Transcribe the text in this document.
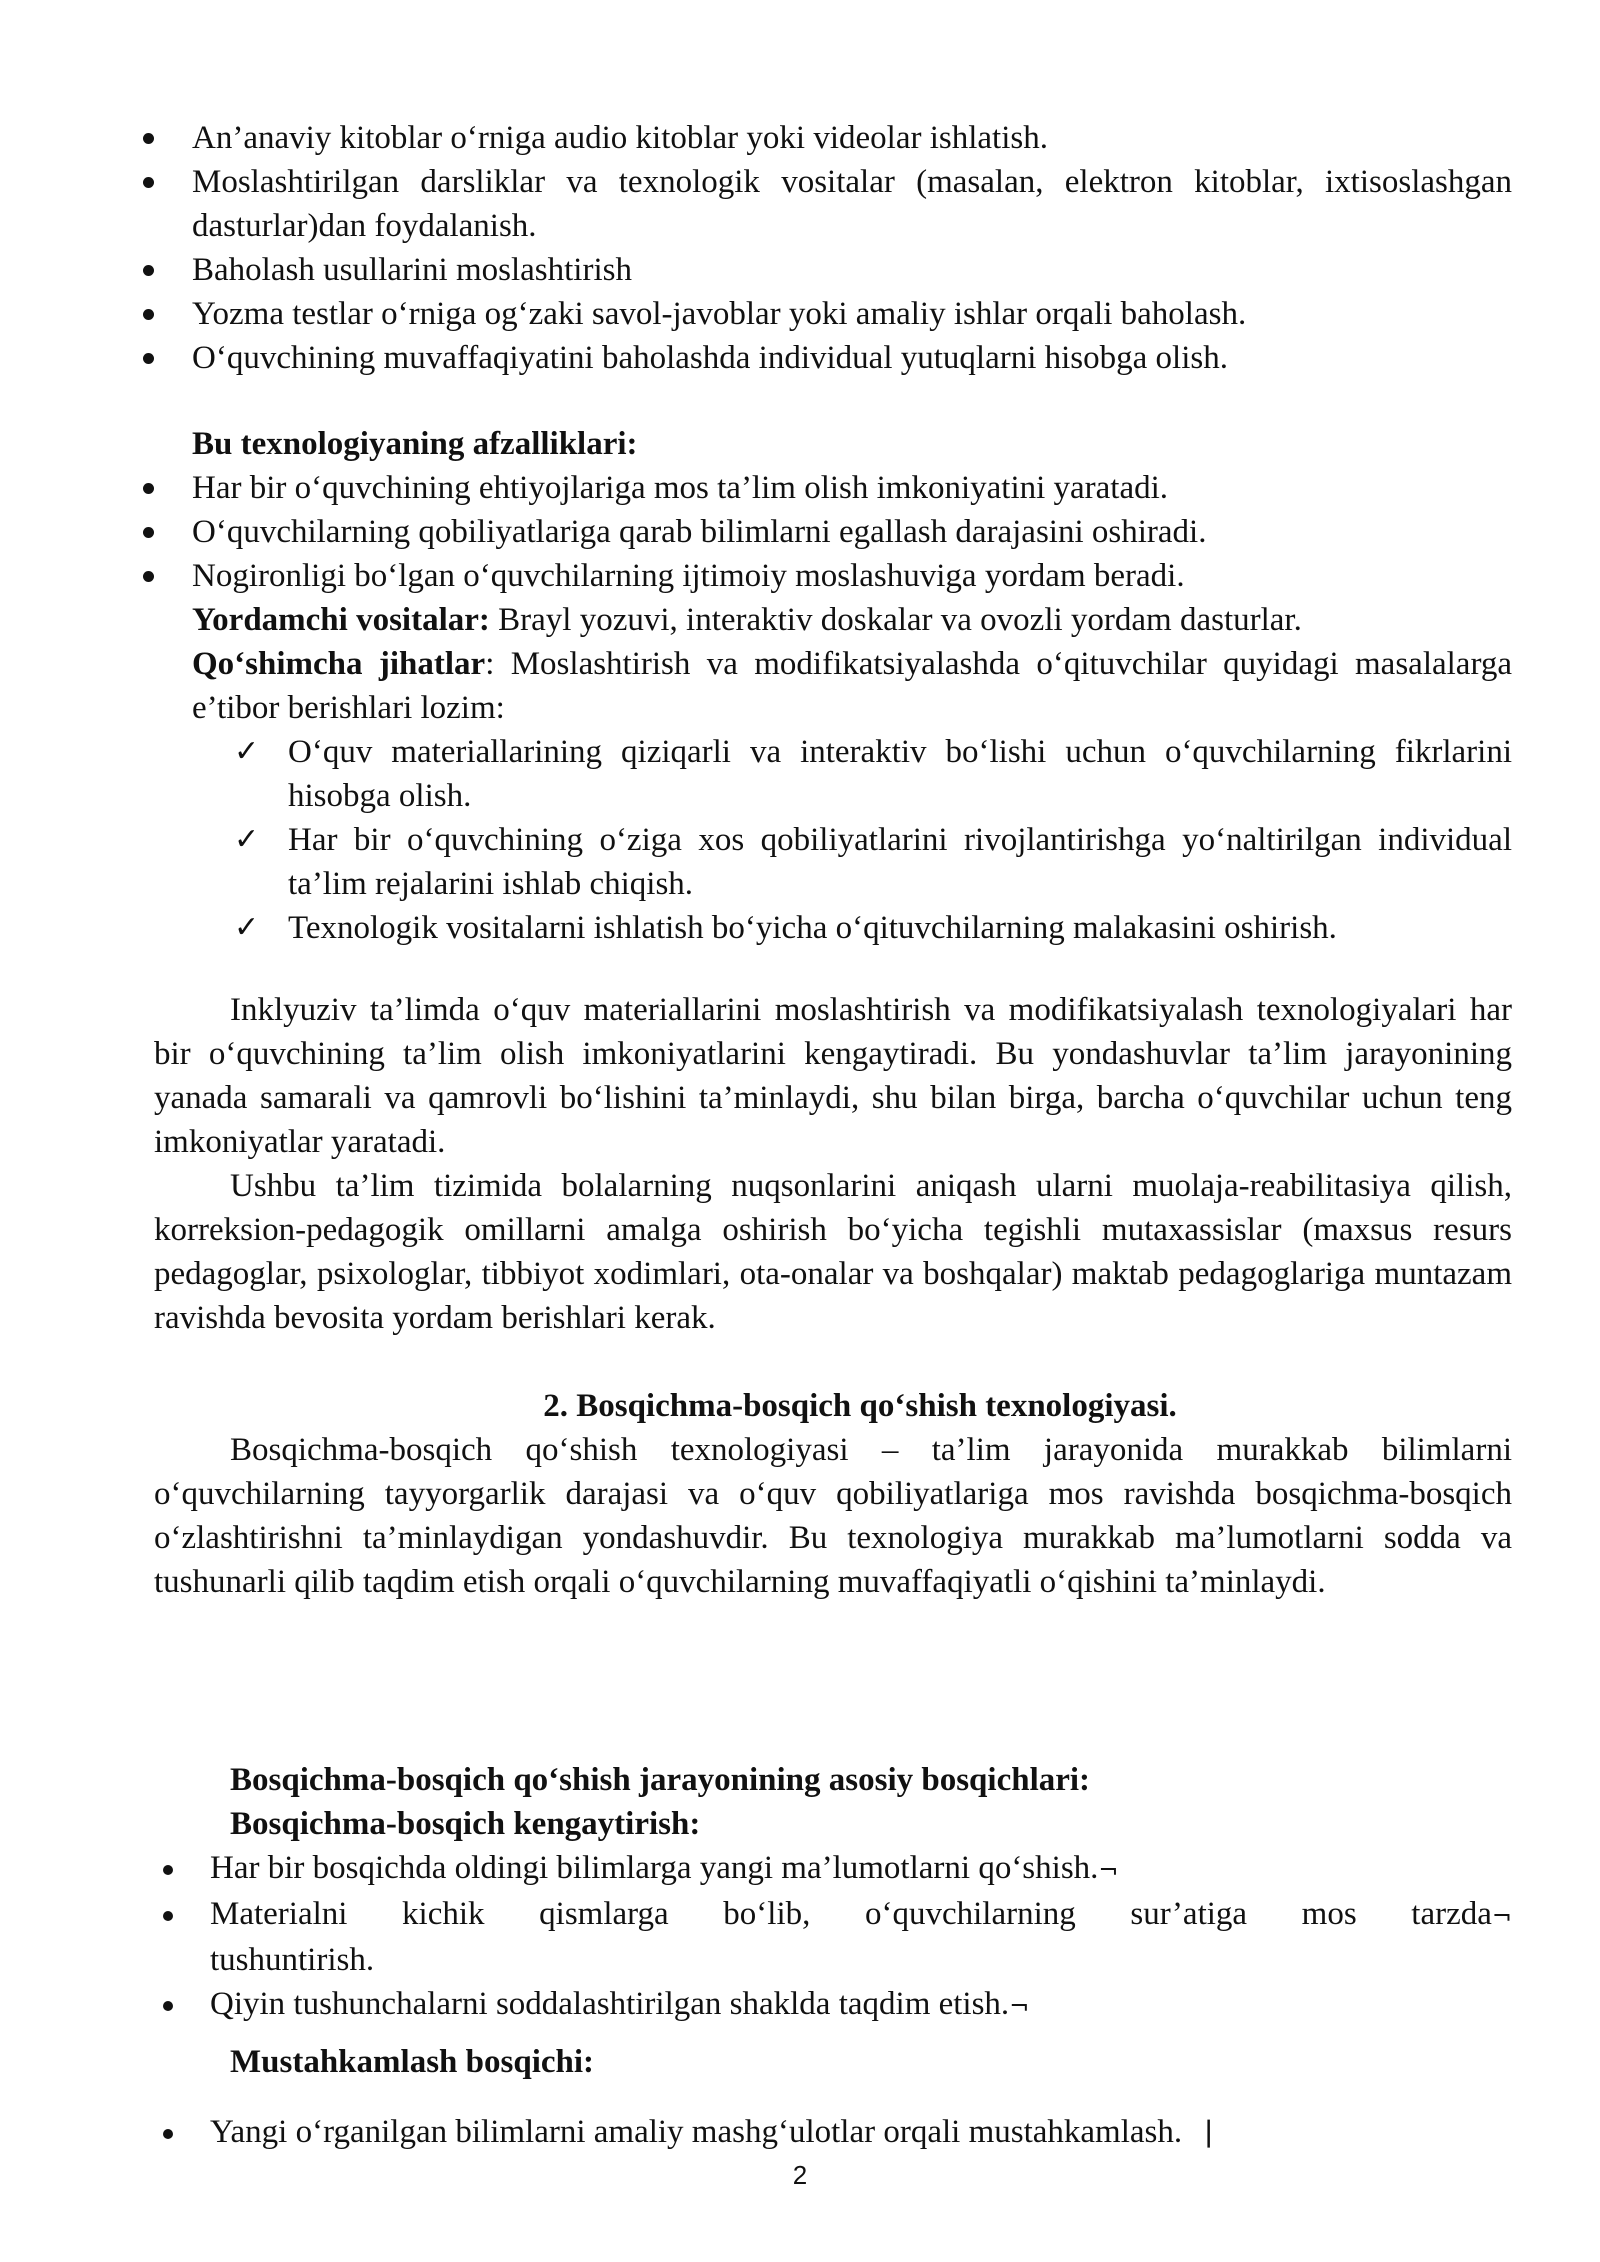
An’anaviy kitoblar o‘rniga audio kitoblar yoki videolar ishlatish.
Moslashtirilgan darsliklar va texnologik vositalar (masalan, elektron kitoblar, ixtisoslashgan dasturlar)dan foydalanish.
Baholash usullarini moslashtirish
Yozma testlar o‘rniga og‘zaki savol-javoblar yoki amaliy ishlar orqali baholash.
O‘quvchining muvaffaqiyatini baholashda individual yutuqlarni hisobga olish.
Bu texnologiyaning afzalliklari:
Har bir o‘quvchining ehtiyojlariga mos ta’lim olish imkoniyatini yaratadi.
O‘quvchilarning qobiliyatlariga qarab bilimlarni egallash darajasini oshiradi.
Nogironligi bo‘lgan o‘quvchilarning ijtimoiy moslashuviga yordam beradi.
Yordamchi vositalar: Brayl yozuvi, interaktiv doskalar va ovozli yordam dasturlar.
Qo‘shimcha jihatlar: Moslashtirish va modifikatsiyalashda o‘qituvchilar quyidagi masalalarga e’tibor berishlari lozim:
✓ O‘quv materiallarining qiziqarli va interaktiv bo‘lishi uchun o‘quvchilarning fikrlarini hisobga olish.
✓ Har bir o‘quvchining o‘ziga xos qobiliyatlarini rivojlantirishga yo‘naltirilgan individual ta’lim rejalarini ishlab chiqish.
✓ Texnologik vositalarni ishlatish bo‘yicha o‘qituvchilarning malakasini oshirish.
Inklyuziv ta’limda o‘quv materiallarini moslashtirish va modifikatsiyalash texnologiyalari har bir o‘quvchining ta’lim olish imkoniyatlarini kengaytiradi. Bu yondashuvlar ta’lim jarayonining yanada samarali va qamrovli bo‘lishini ta’minlaydi, shu bilan birga, barcha o‘quvchilar uchun teng imkoniyatlar yaratadi.
Ushbu ta’lim tizimida bolalarning nuqsonlarini aniqash ularni muolaja-reabilitasiya qilish, korreksion-pedagogik omillarni amalga oshirish bo‘yicha tegishli mutaxassislar (maxsus resurs pedagoglar, psixologlar, tibbiyot xodimlari, ota-onalar va boshqalar) maktab pedagoglariga muntazam ravishda bevosita yordam berishlari kerak.
2. Bosqichma-bosqich qo‘shish texnologiyasi.
Bosqichma-bosqich qo‘shish texnologiyasi – ta’lim jarayonida murakkab bilimlarni o‘quvchilarning tayyorgarlik darajasi va o‘quv qobiliyatlariga mos ravishda bosqichma-bosqich o‘zlashtirishni ta’minlaydigan yondashuvdir. Bu texnologiya murakkab ma’lumotlarni sodda va tushunarli qilib taqdim etish orqali o‘quvchilarning muvaffaqiyatli o‘qishini ta’minlaydi.
Bosqichma-bosqich qo‘shish jarayonining asosiy bosqichlari:
Bosqichma-bosqich kengaytirish:
Har bir bosqichda oldingi bilimlarga yangi ma’lumotlarni qo‘shish.¬
Materialni kichik qismlarga bo‘lib, o‘quvchilarning sur’atiga mos tarzda¬
tushuntirish.
Qiyin tushunchalarni soddalashtirilgan shaklda taqdim etish.¬
Mustahkamlash bosqichi:
Yangi o‘rganilgan bilimlarni amaliy mashg‘ulotlar orqali mustahkamlash.⎹
2
